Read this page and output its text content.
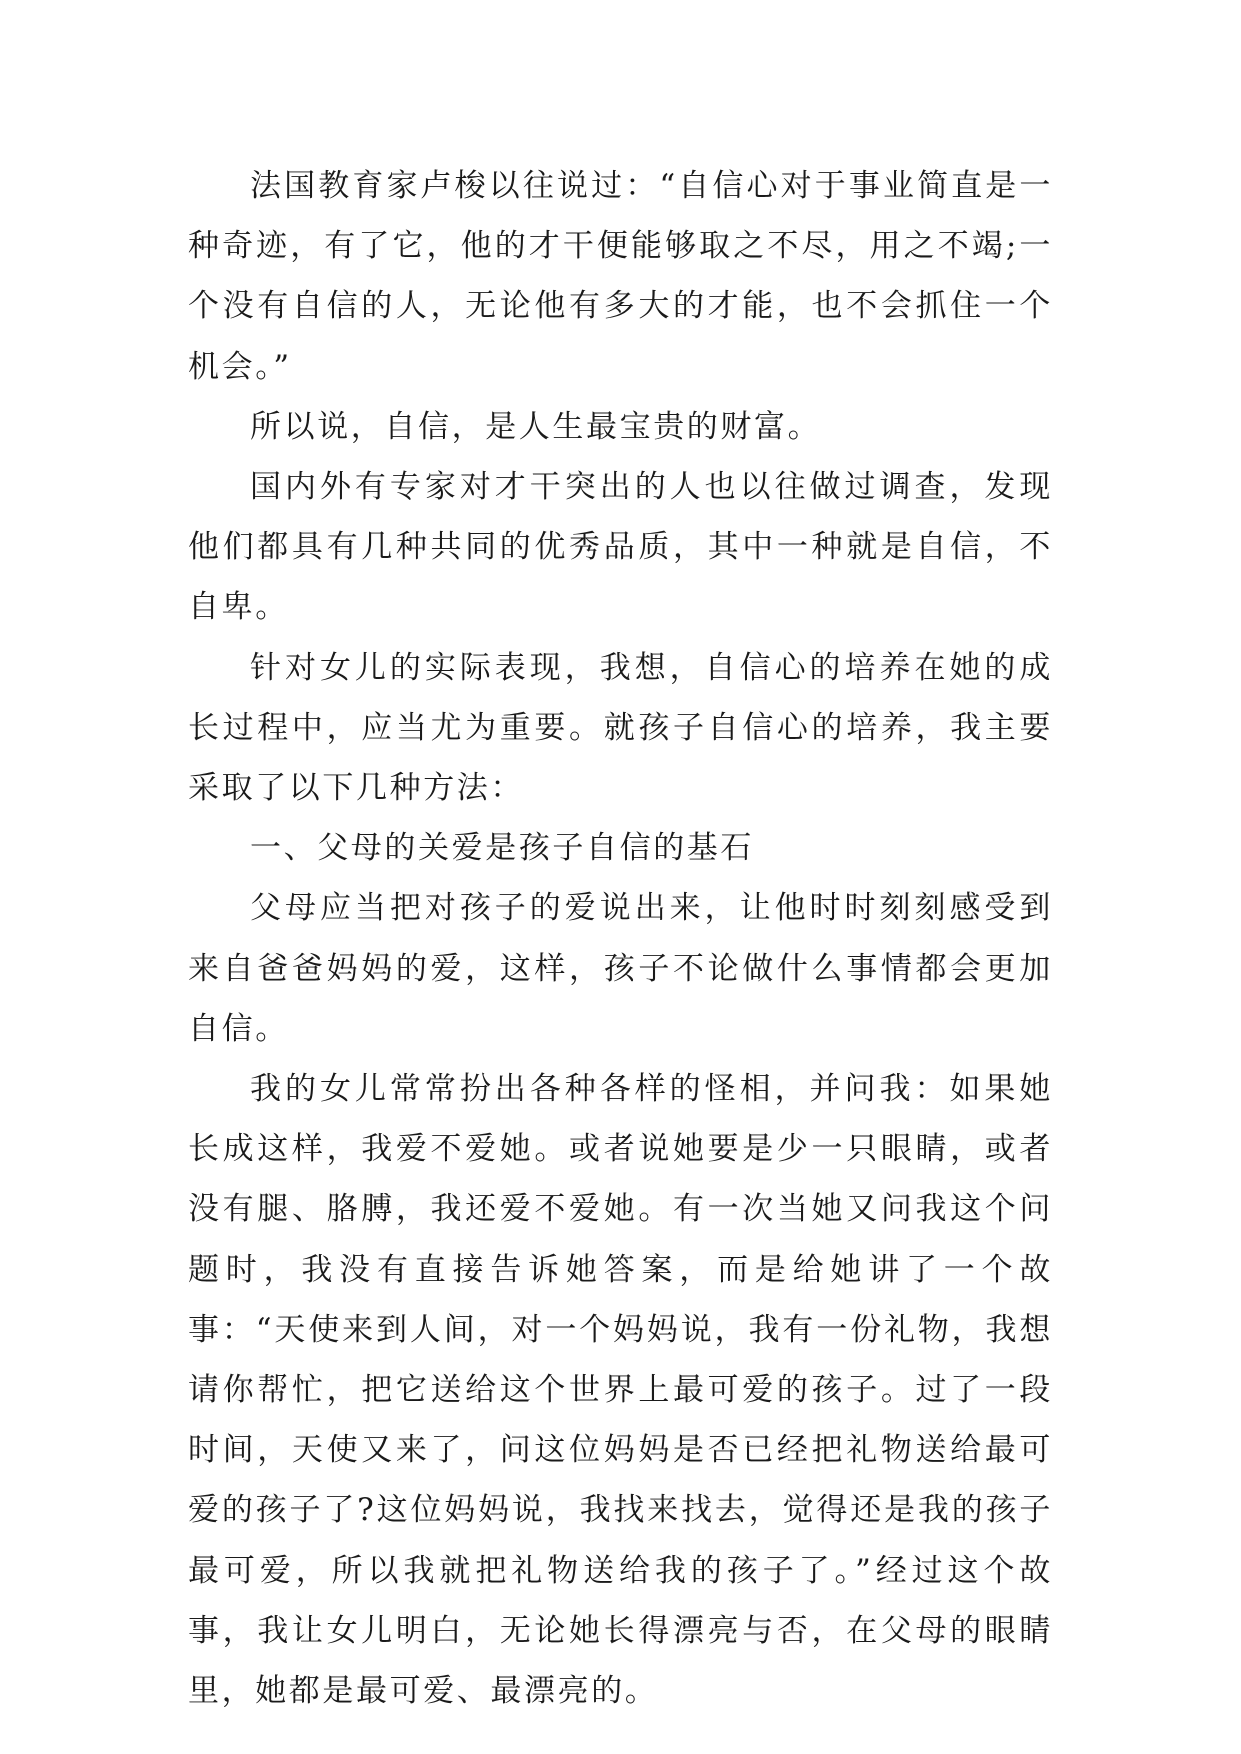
法国教育家卢梭以往说过：“自信心对于事业简直是一种奇迹，有了它，他的才干便能够取之不尽，用之不竭;一个没有自信的人，无论他有多大的才能，也不会抓住一个机会。”

所以说，自信，是人生最宝贵的财富。

国内外有专家对才干突出的人也以往做过调查，发现他们都具有几种共同的优秀品质，其中一种就是自信，不自卑。

针对女儿的实际表现，我想，自信心的培养在她的成长过程中，应当尤为重要。就孩子自信心的培养，我主要采取了以下几种方法：

一、父母的关爱是孩子自信的基石

父母应当把对孩子的爱说出来，让他时时刻刻感受到来自爸爸妈妈的爱，这样，孩子不论做什么事情都会更加自信。

我的女儿常常扮出各种各样的怪相，并问我：如果她长成这样，我爱不爱她。或者说她要是少一只眼睛，或者没有腿、胳膊，我还爱不爱她。有一次当她又问我这个问题时，我没有直接告诉她答案，而是给她讲了一个故事：“天使来到人间，对一个妈妈说，我有一份礼物，我想请你帮忙，把它送给这个世界上最可爱的孩子。过了一段时间，天使又来了，问这位妈妈是否已经把礼物送给最可爱的孩子了?这位妈妈说，我找来找去，觉得还是我的孩子最可爱，所以我就把礼物送给我的孩子了。”经过这个故事，我让女儿明白，无论她长得漂亮与否，在父母的眼睛里，她都是最可爱、最漂亮的。
